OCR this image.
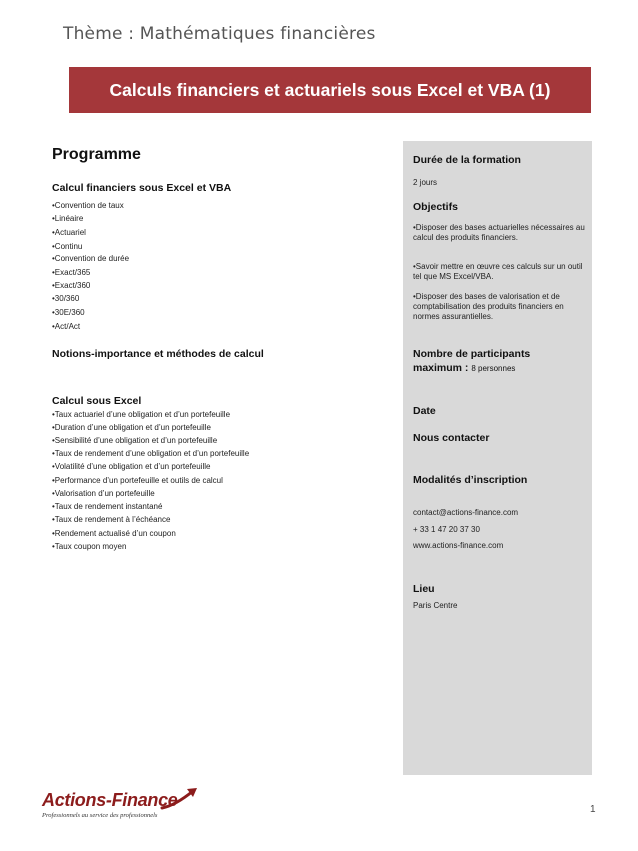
Thème : Mathématiques financières
Calculs financiers et actuariels sous Excel et VBA (1)
Programme
Calcul financiers sous Excel et VBA
•Convention de taux
•Linéaire
•Actuariel
•Continu
•Convention de durée
•Exact/365
•Exact/360
•30/360
•30E/360
•Act/Act
Notions-importance et méthodes de calcul
Calcul sous Excel
•Taux actuariel d’une obligation et d’un portefeuille
•Duration d’une obligation et d’un portefeuille
•Sensibilité d’une obligation et d’un portefeuille
•Taux de rendement d’une obligation et d’un portefeuille
•Volatilité d’une obligation et d’un portefeuille
•Performance d’un portefeuille et outils de calcul
•Valorisation d’un portefeuille
•Taux de rendement instantané
•Taux de rendement à l’échéance
•Rendement actualisé d’un coupon
•Taux coupon moyen
Durée de la formation
2 jours
Objectifs
•Disposer des bases actuarielles nécessaires au calcul des produits financiers.
•Savoir mettre en œuvre ces calculs sur un outil tel que MS Excel/VBA.
•Disposer des bases de valorisation et de comptabilisation des produits financiers en normes assurantielles.
Nombre de participants
maximum : 8 personnes
Date
Nous contacter
Modalités d’inscription
contact@actions-finance.com
+ 33 1 47 20 37 30
www.actions-finance.com
Lieu
Paris Centre
Actions-Finance
Professionnels au service des professionnels
1
